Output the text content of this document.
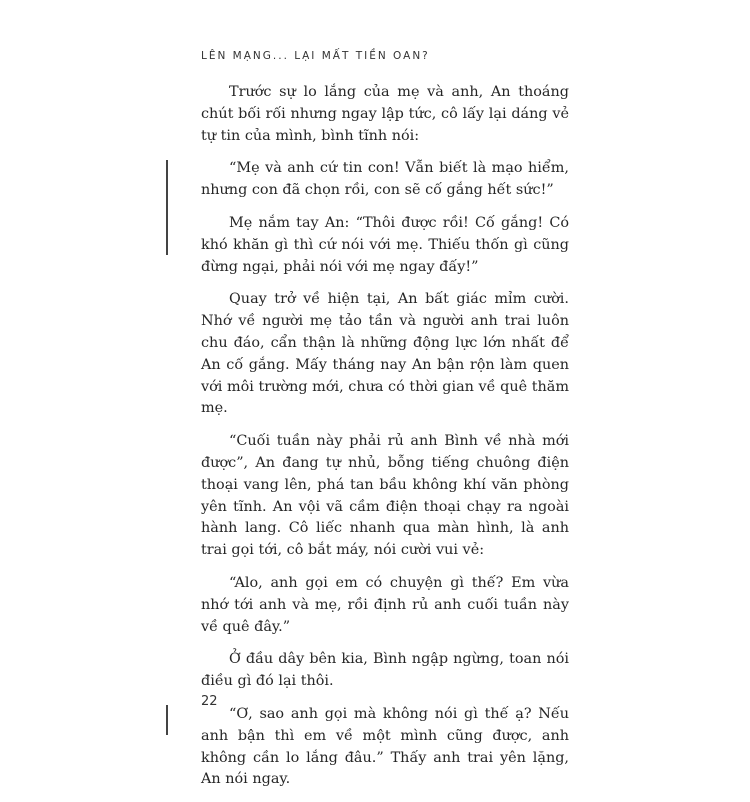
LÊN MẠNG... LẠI MẤT TIỀN OAN?

Trước sự lo lắng của mẹ và anh, An thoáng chút bối rối nhưng ngay lập tức, cô lấy lại dáng vẻ tự tin của mình, bình tĩnh nói:

“Mẹ và anh cứ tin con! Vẫn biết là mạo hiểm, nhưng con đã chọn rồi, con sẽ cố gắng hết sức!”

Mẹ nắm tay An: “Thôi được rồi! Cố gắng! Có khó khăn gì thì cứ nói với mẹ. Thiếu thốn gì cũng đừng ngại, phải nói với mẹ ngay đấy!”

Quay trở về hiện tại, An bất giác mỉm cười. Nhớ về người mẹ tảo tần và người anh trai luôn chu đáo, cẩn thận là những động lực lớn nhất để An cố gắng. Mấy tháng nay An bận rộn làm quen với môi trường mới, chưa có thời gian về quê thăm mẹ.

“Cuối tuần này phải rủ anh Bình về nhà mới được”, An đang tự nhủ, bỗng tiếng chuông điện thoại vang lên, phá tan bầu không khí văn phòng yên tĩnh. An vội vã cầm điện thoại chạy ra ngoài hành lang. Cô liếc nhanh qua màn hình, là anh trai gọi tới, cô bắt máy, nói cười vui vẻ:

“Alo, anh gọi em có chuyện gì thế? Em vừa nhớ tới anh và mẹ, rồi định rủ anh cuối tuần này về quê đây.”

Ở đầu dây bên kia, Bình ngập ngừng, toan nói điều gì đó lại thôi.

“Ơ, sao anh gọi mà không nói gì thế ạ? Nếu anh bận thì em về một mình cũng được, anh không cần lo lắng đâu.” Thấy anh trai yên lặng, An nói ngay.

22
